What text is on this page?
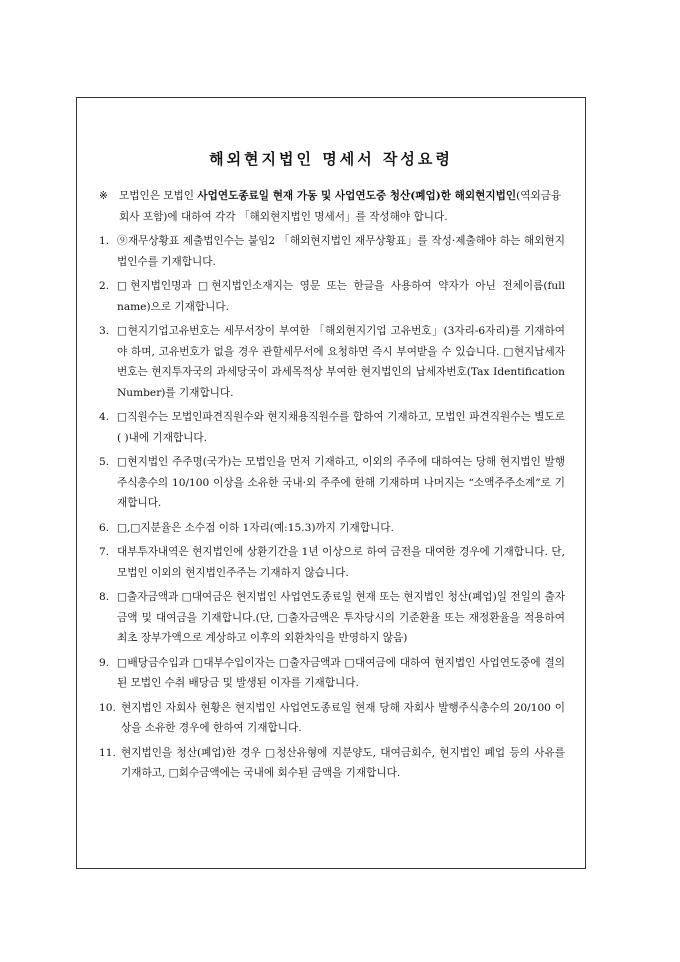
해외현지법인 명세서 작성요령
※ 모법인은 모법인 사업연도종료일 현재 가동 및 사업연도중 청산(폐업)한 해외현지법인(역외금융회사 포함)에 대하여 각각 「해외현지법인 명세서」를 작성해야 합니다.
1. ⑨재무상황표 제출법인수는 붙임2 「해외현지법인 재무상황표」를 작성·제출해야 하는 해외현지법인수를 기재합니다.
2. □현지법인명과 □현지법인소재지는 영문 또는 한글을 사용하여 약자가 아닌 전체이름(full name)으로 기재합니다.
3. □현지기업고유번호는 세무서장이 부여한 「해외현지기업 고유번호」(3자리-6자리)를 기재하여야 하며, 고유번호가 없을 경우 관할세무서에 요청하면 즉시 부여받을 수 있습니다. □현지납세자번호는 현지투자국의 과세당국이 과세목적상 부여한 현지법인의 납세자번호(Tax Identification Number)를 기재합니다.
4. □직원수는 모법인파견직원수와 현지채용직원수를 합하여 기재하고, 모법인 파견직원수는 별도로 ( )내에 기재합니다.
5. □현지법인 주주명(국가)는 모법인을 먼저 기재하고, 이외의 주주에 대하여는 당해 현지법인 발행주식총수의 10/100 이상을 소유한 국내·외 주주에 한해 기재하며 나머지는 “소액주주소계”로 기재합니다.
6. □,□지분율은 소수점 이하 1자리(예:15.3)까지 기재합니다.
7. 대부투자내역은 현지법인에 상환기간을 1년 이상으로 하여 금전을 대여한 경우에 기재합니다. 단, 모법인 이외의 현지법인주주는 기재하지 않습니다.
8. □출자금액과 □대여금은 현지법인 사업연도종료일 현재 또는 현지법인 청산(폐업)일 전일의 출자금액 및 대여금을 기재합니다.(단, □출자금액은 투자당시의 기준환율 또는 재정환율을 적용하여 최초 장부가액으로 계상하고 이후의 외환차익을 반영하지 않음)
9. □배당금수입과 □대부수입이자는 □출자금액과 □대여금에 대하여 현지법인 사업연도중에 결의된 모법인 수취 배당금 및 발생된 이자를 기재합니다.
10. 현지법인 자회사 현황은 현지법인 사업연도종료일 현재 당해 자회사 발행주식총수의 20/100 이상을 소유한 경우에 한하여 기재합니다.
11. 현지법인을 청산(폐업)한 경우 □청산유형에 지분양도, 대여금회수, 현지법인 폐업 등의 사유를 기재하고, □회수금액에는 국내에 회수된 금액을 기재합니다.
